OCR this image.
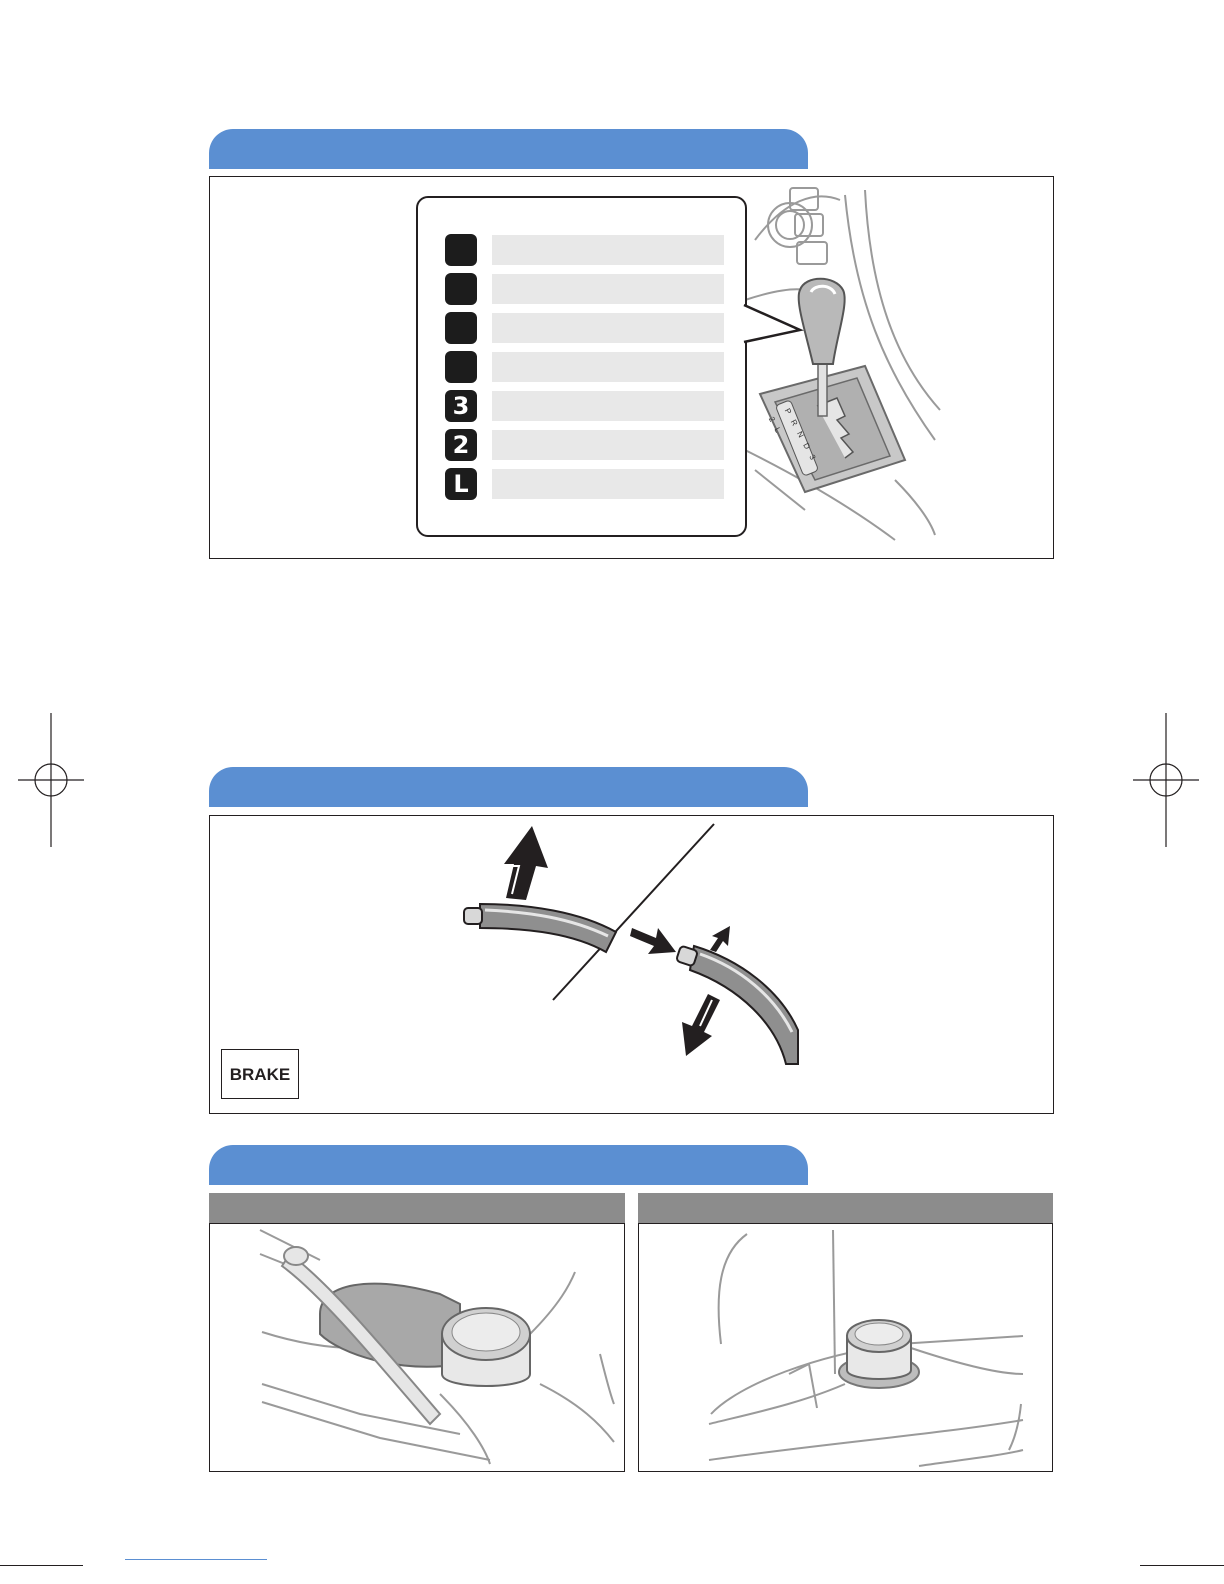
P R N D 3 2 L
3
2
L
BRAKE
